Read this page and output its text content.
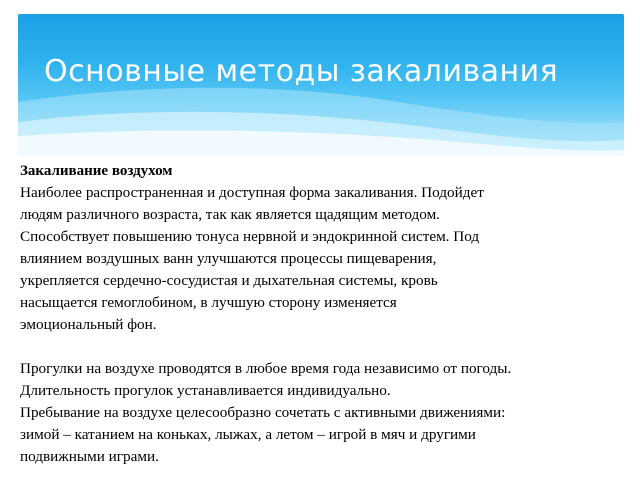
Основные методы закаливания

Закаливание воздухом

Наиболее распространенная и доступная форма закаливания. Подойдет

людям различного возраста, так как является щадящим методом.

Способствует повышению тонуса нервной и эндокринной систем. Под

влиянием воздушных ванн улучшаются процессы пищеварения,

укрепляется сердечно-сосудистая и дыхательная системы, кровь

насыщается гемоглобином, в лучшую сторону изменяется

эмоциональный фон.

Прогулки на воздухе проводятся в любое время года независимо от погоды.

Длительность прогулок устанавливается индивидуально.

Пребывание на воздухе целесообразно сочетать с активными движениями:

зимой – катанием на коньках, лыжах, а летом – игрой в мяч и другими

подвижными играми.
